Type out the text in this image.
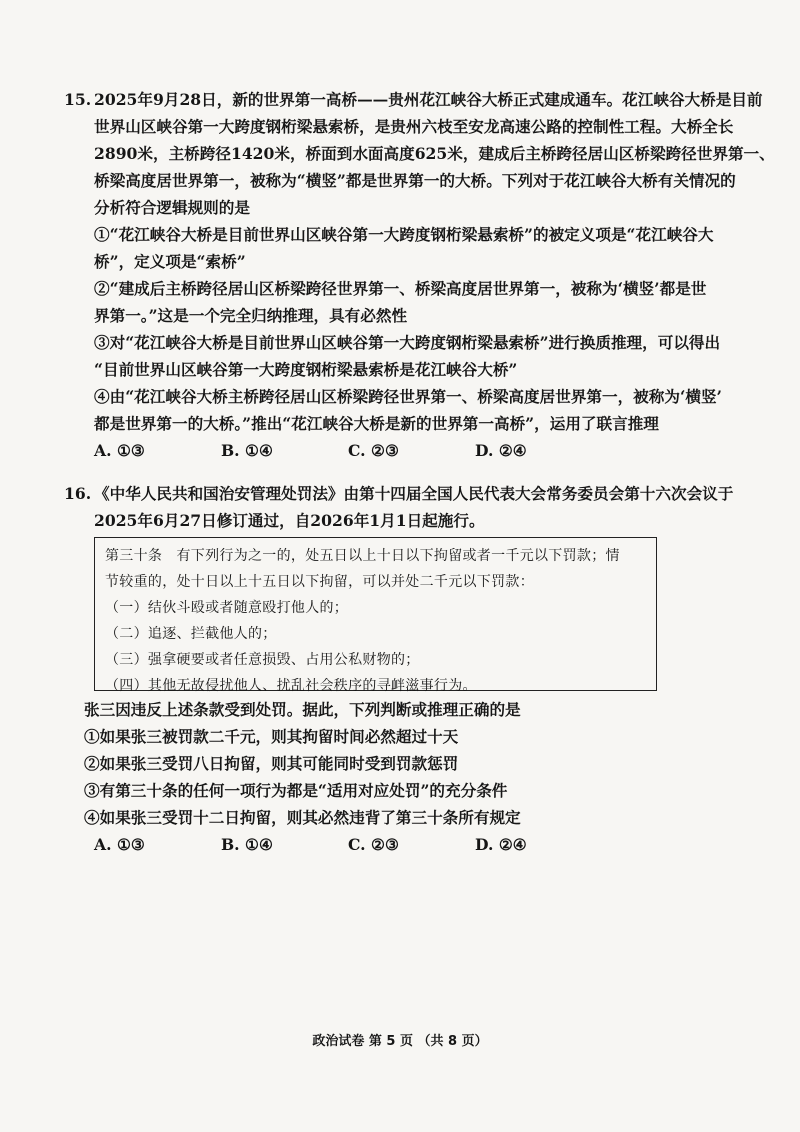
15. 2025年9月28日，新的世界第一高桥——贵州花江峡谷大桥正式建成通车。花江峡谷大桥是目前
世界山区峡谷第一大跨度钢桁梁悬索桥，是贵州六枝至安龙高速公路的控制性工程。大桥全长
2890米，主桥跨径1420米，桥面到水面高度625米，建成后主桥跨径居山区桥梁跨径世界第一、
桥梁高度居世界第一，被称为“横竖”都是世界第一的大桥。下列对于花江峡谷大桥有关情况的
分析符合逻辑规则的是
①“花江峡谷大桥是目前世界山区峡谷第一大跨度钢桁梁悬索桥”的被定义项是“花江峡谷大
桥”，定义项是“索桥”
②“建成后主桥跨径居山区桥梁跨径世界第一、桥梁高度居世界第一，被称为‘横竖’都是世
界第一。”这是一个完全归纳推理，具有必然性
③对“花江峡谷大桥是目前世界山区峡谷第一大跨度钢桁梁悬索桥”进行换质推理，可以得出
“目前世界山区峡谷第一大跨度钢桁梁悬索桥是花江峡谷大桥”
④由“花江峡谷大桥主桥跨径居山区桥梁跨径世界第一、桥梁高度居世界第一，被称为‘横竖’
都是世界第一的大桥。”推出“花江峡谷大桥是新的世界第一高桥”，运用了联言推理
A. ①③	B. ①④	C. ②③	D. ②④
16. 《中华人民共和国治安管理处罚法》由第十四届全国人民代表大会常务委员会第十六次会议于
2025年6月27日修订通过，自2026年1月1日起施行。
第三十条　有下列行为之一的，处五日以上十日以下拘留或者一千元以下罚款；情
节较重的，处十日以上十五日以下拘留，可以并处二千元以下罚款：
（一）结伙斗殴或者随意殴打他人的；
（二）追逐、拦截他人的；
（三）强拿硬要或者任意损毁、占用公私财物的；
（四）其他无故侵扰他人、扰乱社会秩序的寻衅滋事行为。
张三因违反上述条款受到处罚。据此，下列判断或推理正确的是
①如果张三被罚款二千元，则其拘留时间必然超过十天
②如果张三受罚八日拘留，则其可能同时受到罚款惩罚
③有第三十条的任何一项行为都是“适用对应处罚”的充分条件
④如果张三受罚十二日拘留，则其必然违背了第三十条所有规定
A. ①③	B. ①④	C. ②③	D. ②④
政治试卷 第 5 页 （共 8 页）
